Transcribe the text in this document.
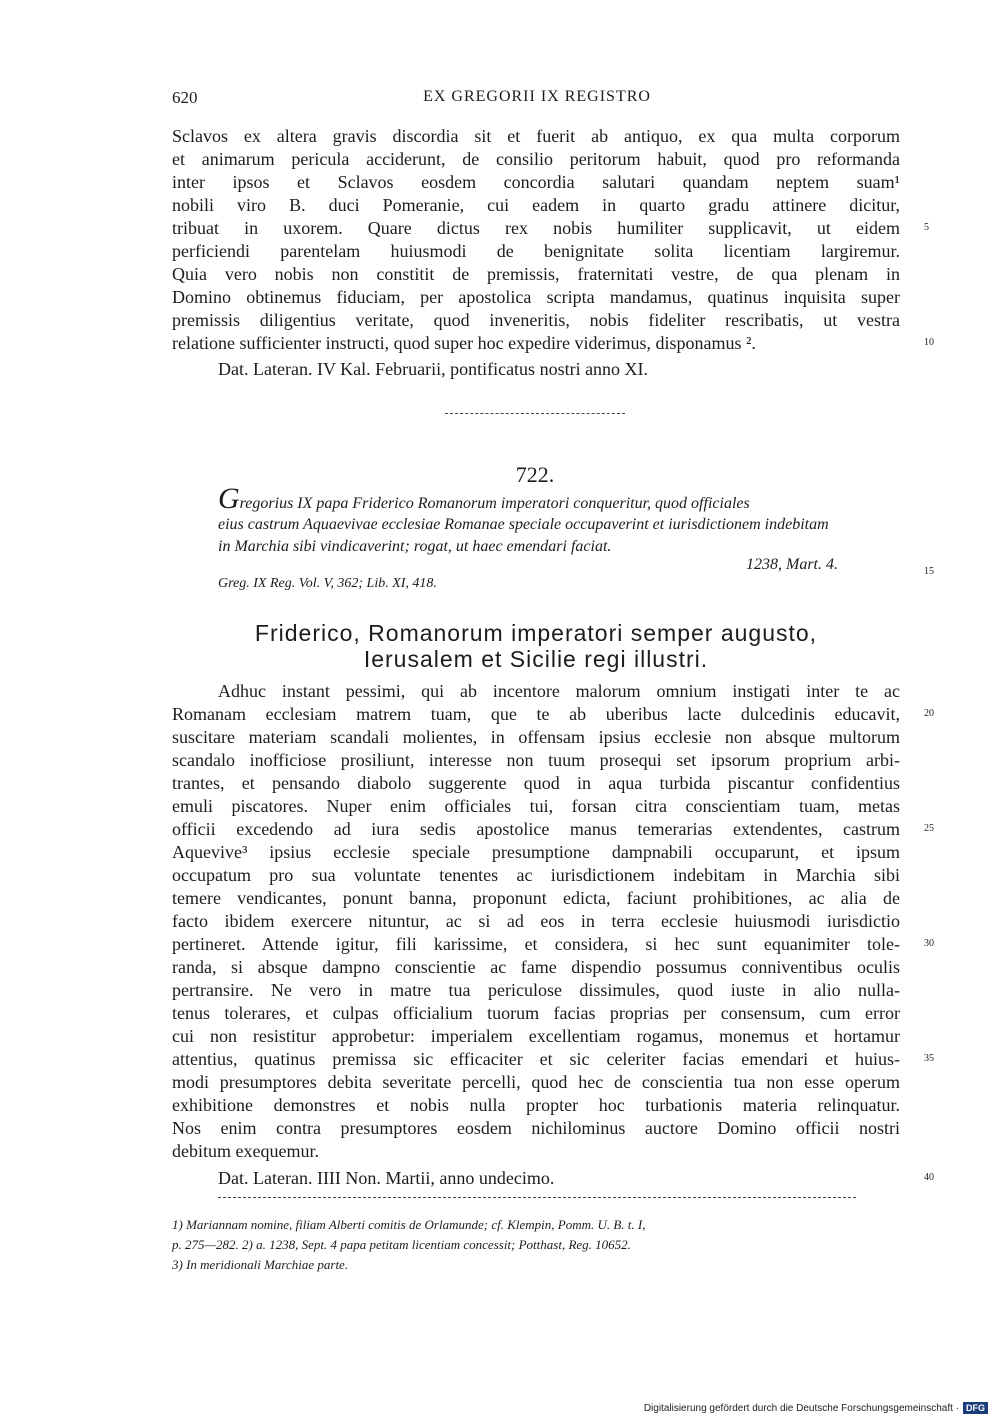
620	EX GREGORII IX REGISTRO
Sclavos ex altera gravis discordia sit et fuerit ab antiquo, ex qua multa corporum
et animarum pericula acciderunt, de consilio peritorum habuit, quod pro reformanda
inter ipsos et Sclavos eosdem concordia salutari quandam neptem suam¹
nobili viro B. duci Pomeranie, cui eadem in quarto gradu attinere dicitur,
tribuat in uxorem. Quare dictus rex nobis humiliter supplicavit, ut eidem
perficiendi parentelam huiusmodi de benignitate solita licentiam largiremur.
Quia vero nobis non constitit de premissis, fraternitati vestre, de qua plenam in
Domino obtinemus fiduciam, per apostolica scripta mandamus, quatinus inquisita super
premissis diligentius veritate, quod inveneritis, nobis fideliter rescribatis, ut vestra
relatione sufficienter instructi, quod super hoc expedire viderimus, disponamus ².
Dat. Lateran. IV Kal. Februarii, pontificatus nostri anno XI.
5
10
722.
Gregorius IX papa Friderico Romanorum imperatori conqueritur, quod officiales
eius castrum Aquaevivae ecclesiae Romanae speciale occupaverint et iurisdictionem indebitam
in Marchia sibi vindicaverint; rogat, ut haec emendari faciat.
1238, Mart. 4.
Greg. IX Reg. Vol. V, 362; Lib. XI, 418.
15
Friderico, Romanorum imperatori semper augusto,
Ierusalem et Sicilie regi illustri.
Adhuc instant pessimi, qui ab incentore malorum omnium instigati inter te ac
Romanam ecclesiam matrem tuam, que te ab uberibus lacte dulcedinis educavit,
suscitare materiam scandali molientes, in offensam ipsius ecclesie non absque multorum
scandalo inofficiose prosiliunt, interesse non tuum prosequi set ipsorum proprium arbi-
trantes, et pensando diabolo suggerente quod in aqua turbida piscantur confidentius
emuli piscatores. Nuper enim officiales tui, forsan citra conscientiam tuam, metas
officii excedendo ad iura sedis apostolice manus temerarias extendentes, castrum
Aquevive³ ipsius ecclesie speciale presumptione dampnabili occuparunt, et ipsum
occupatum pro sua voluntate tenentes ac iurisdictionem indebitam in Marchia sibi
temere vendicantes, ponunt banna, proponunt edicta, faciunt prohibitiones, ac alia de
facto ibidem exercere nituntur, ac si ad eos in terra ecclesie huiusmodi iurisdictio
pertineret. Attende igitur, fili karissime, et considera, si hec sunt equanimiter tole-
randa, si absque dampno conscientie ac fame dispendio possumus conniventibus oculis
pertransire. Ne vero in matre tua periculose dissimules, quod iuste in alio nulla-
tenus tolerares, et culpas officialium tuorum facias proprias per consensum, cum error
cui non resistitur approbetur: imperialem excellentiam rogamus, monemus et hortamur
attentius, quatinus premissa sic efficaciter et sic celeriter facias emendari et huius-
modi presumptores debita severitate percelli, quod hec de conscientia tua non esse operum
exhibitione demonstres et nobis nulla propter hoc turbationis materia relinquatur.
Nos enim contra presumptores eosdem nichilominus auctore Domino officii nostri
debitum exequemur.
Dat. Lateran. IIII Non. Martii, anno undecimo.
20
25
30
35
40
1) Mariannam nomine, filiam Alberti comitis de Orlamunde; cf. Klempin, Pomm. U. B. t. I,
p. 275—282. 2) a. 1238, Sept. 4 papa petitam licentiam concessit; Potthast, Reg. 10652.
3) In meridionali Marchiae parte.
Digitalisierung gefördert durch die Deutsche Forschungsgemeinschaft · DFG
